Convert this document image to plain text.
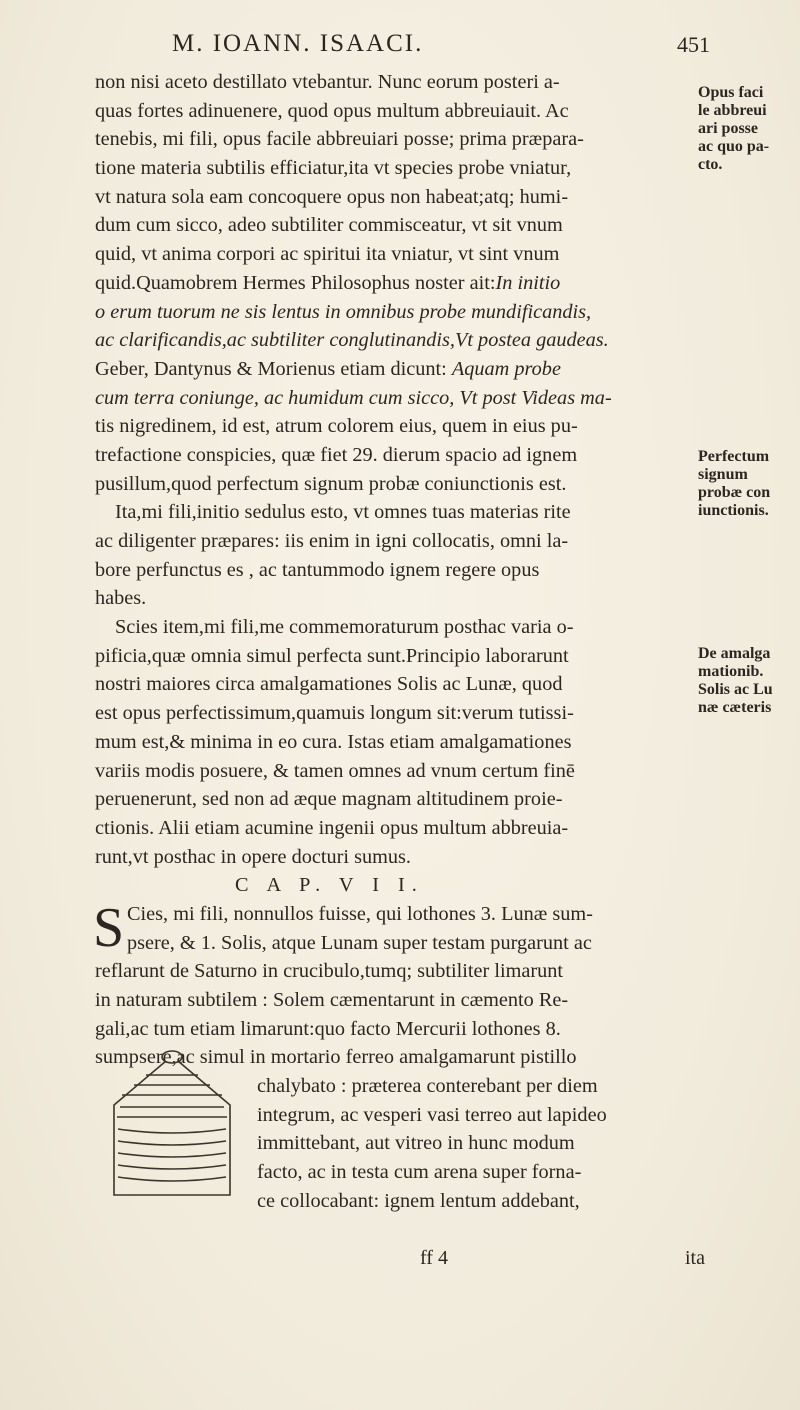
M. IOANN. ISAACI.	451
non nisi aceto destillato vtebantur. Nunc eorum posteri a-
quas fortes adinuenere, quod opus multum abbreuiauit. Ac
tenebis, mi fili, opus facile abbreuiari posse; prima præpara-
tione materia subtilis efficiatur,ita vt species probe vniatur,
vt natura sola eam concoquere opus non habeat;atq; humi-
dum cum sicco, adeo subtiliter commisceatur, vt sit vnum
quid, vt anima corpori ac spiritui ita vniatur, vt sint vnum
quid.Quamobrem Hermes Philosophus noster ait:In initio
o erum tuorum ne sis lentus in omnibus probe mundificandis,
ac clarificandis,ac subtiliter conglutinandis,Vt postea gaudeas.
Geber, Dantynus & Morienus etiam dicunt: Aquam probe
cum terra coniunge, ac humidum cum sicco, Vt post Videas ma-
tis nigredinem, id est, atrum colorem eius, quem in eius pu-
trefactione conspicies, quæ fiet 29. dierum spacio ad ignem
pusillum,quod perfectum signum probæ coniunctionis est.
Ita,mi fili,initio sedulus esto, vt omnes tuas materias rite
ac diligenter præpares: iis enim in igni collocatis, omni la-
bore perfunctus es , ac tantummodo ignem regere opus
habes.
Scies item,mi fili,me commemoraturum posthac varia o-
pificia,quæ omnia simul perfecta sunt.Principio laborarunt
nostri maiores circa amalgamationes Solis ac Lunæ, quod
est opus perfectissimum,quamuis longum sit:verum tutissi-
mum est,& minima in eo cura. Istas etiam amalgamationes
variis modis posuere, & tamen omnes ad vnum certum finē
peruenerunt, sed non ad æque magnam altitudinem proie-
ctionis. Alii etiam acumine ingenii opus multum abbreuia-
runt,vt posthac in opere docturi sumus.
C A P. V I I.
S Cies, mi fili, nonnullos fuisse, qui lothones 3. Lunæ sum-
psere, & 1. Solis, atque Lunam super testam purgarunt ac
reflarunt de Saturno in crucibulo,tumq; subtiliter limarunt
in naturam subtilem : Solem cæmentarunt in cæmento Re-
gali,ac tum etiam limarunt:quo facto Mercurii lothones 8.
sumpsere,ac simul in mortario ferreo amalgamarunt pistillo
chalybato : præterea conterebant per diem
integrum, ac vesperi vasi terreo aut lapideo
immittebant, aut vitreo in hunc modum
facto, ac in testa cum arena super forna-
ce collocabant: ignem lentum addebant,
Opus faci
le abbreui
ari posse
ac quo pa-
cto.
Perfectum
signum
probæ con
iunctionis.
De amalga
mationib.
Solis ac Lu
næ cæteris
ff 4	ita
